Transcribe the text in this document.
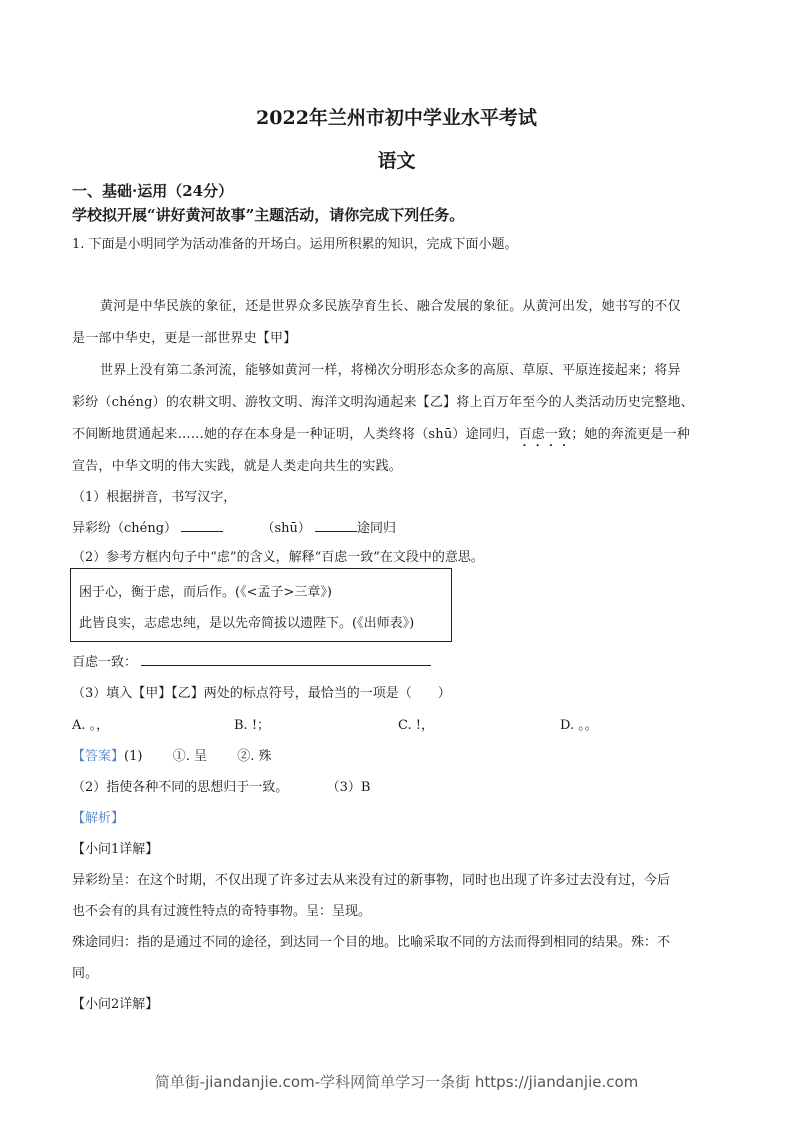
2022年兰州市初中学业水平考试
语文
一、基础·运用（24分）
学校拟开展“讲好黄河故事”主题活动，请你完成下列任务。
1. 下面是小明同学为活动准备的开场白。运用所积累的知识，完成下面小题。
黄河是中华民族的象征，还是世界众多民族孕育生长、融合发展的象征。从黄河出发，她书写的不仅
是一部中华史，更是一部世界史【甲】
世界上没有第二条河流，能够如黄河一样，将梯次分明形态众多的高原、草原、平原连接起来；将异
彩纷（chéng）的农耕文明、游牧文明、海洋文明沟通起来【乙】将上百万年至今的人类活动历史完整地、
不间断地贯通起来……她的存在本身是一种证明，人类终将（shū）途同归，百虑一致；她的奔流更是一种
宣告，中华文明的伟大实践，就是人类走向共生的实践。
（1）根据拼音，书写汉字，
异彩纷（chéng）	（shū）	途同归
（2）参考方框内句子中“虑”的含义，解释“百虑一致”在文段中的意思。
困于心，衡于虑，而后作。(《<孟子>三章》)
此皆良实，志虑忠纯，是以先帝简拔以遗陛下。(《出师表》)
百虑一致：
（3）填入【甲】【乙】两处的标点符号，最恰当的一项是（　　）
A. 。，	B. !；	C. !，	D. 。。
【答案】(1) ①. 呈 ②. 殊
（2）指使各种不同的思想归于一致。	（3）B
【解析】
【小问1详解】
异彩纷呈：在这个时期，不仅出现了许多过去从来没有过的新事物，同时也出现了许多过去没有过，今后
也不会有的具有过渡性特点的奇特事物。呈：呈现。
殊途同归：指的是通过不同的途径，到达同一个目的地。比喻采取不同的方法而得到相同的结果。殊：不
同。
【小问2详解】
简单街-jiandanjie.com-学科网简单学习一条街 https://jiandanjie.com
